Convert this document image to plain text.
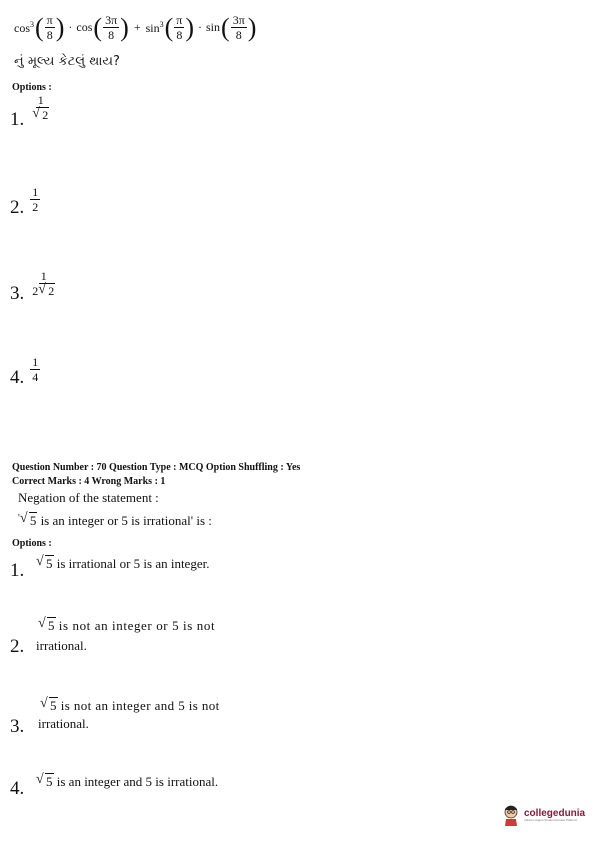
$\cos^3$ ( $\frac{\pi}{8}$ ) · cos ( $\frac{3\pi}{8}$ ) + $\sin^3$ ( $\frac{\pi}{8}$ ) · sin ( $\frac{3\pi}{8}$ )
નું મૂલ્ય કેટલું થાય?
Options :
1. 1
√ 2
2. $\frac{1}{2}$
3. $\frac{1}{2 √ 2}$
4. $\frac{1}{4}$
Question Number : 70 Question Type : MCQ Option Shuffling : Yes
Correct Marks : 4 Wrong Marks : 1
Negation of the statement :
' √ 5 is an integer or 5 is irrational' is :
Options :
1.	√ 5 is irrational or 5 is an integer.
√ 5 is not an integer or 5 is not
2. irrational.
√ 5 is not an integer and 5 is not
3. irrational.
4.	√ 5 is an integer and 5 is irrational.
collegedunia
India's Largest Student Review Platform
